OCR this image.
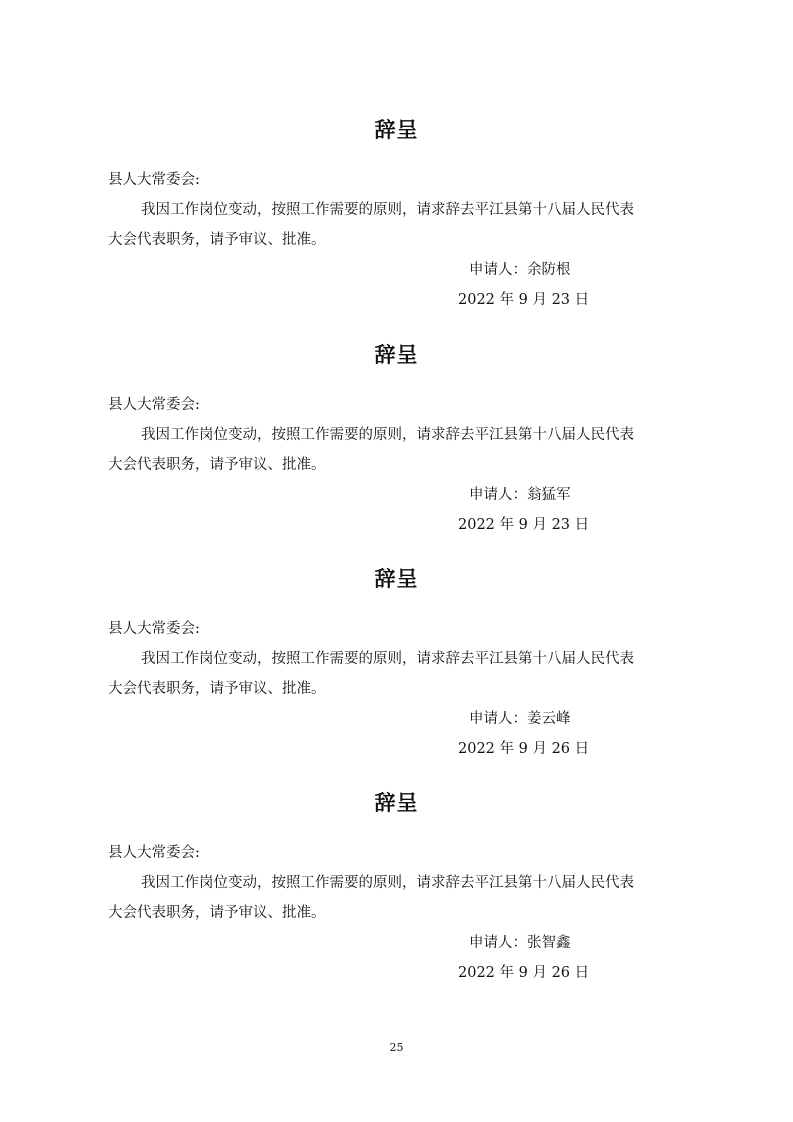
辞呈
县人大常委会:
我因工作岗位变动，按照工作需要的原则，请求辞去平江县第十八届人民代表
大会代表职务，请予审议、批准。
申请人：余防根
2022 年 9 月 23 日
辞呈
县人大常委会:
我因工作岗位变动，按照工作需要的原则，请求辞去平江县第十八届人民代表
大会代表职务，请予审议、批准。
申请人：翁猛军
2022 年 9 月 23 日
辞呈
县人大常委会:
我因工作岗位变动，按照工作需要的原则，请求辞去平江县第十八届人民代表
大会代表职务，请予审议、批准。
申请人：姜云峰
2022 年 9 月 26 日
辞呈
县人大常委会:
我因工作岗位变动，按照工作需要的原则，请求辞去平江县第十八届人民代表
大会代表职务，请予审议、批准。
申请人：张智鑫
2022 年 9 月 26 日
25
